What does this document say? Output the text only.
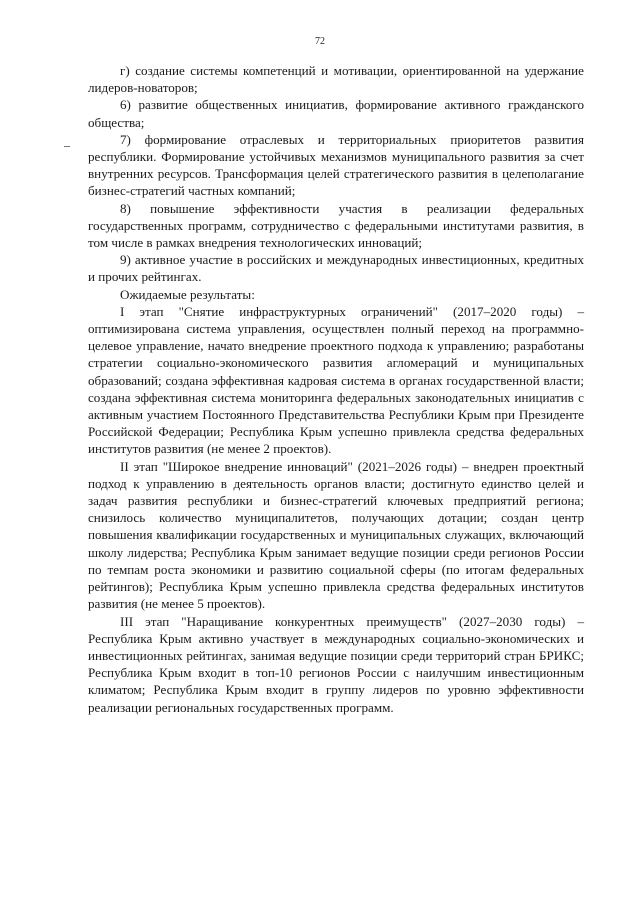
72

г) создание системы компетенций и мотивации, ориентированной на удержание лидеров-новаторов;

6) развитие общественных инициатив, формирование активного гражданского общества;

7) формирование отраслевых и территориальных приоритетов развития республики. Формирование устойчивых механизмов муниципального развития за счет внутренних ресурсов. Трансформация целей стратегического развития в целеполагание бизнес-стратегий частных компаний;

8) повышение эффективности участия в реализации федеральных государственных программ, сотрудничество с федеральными институтами развития, в том числе в рамках внедрения технологических инноваций;

9) активное участие в российских и международных инвестиционных, кредитных и прочих рейтингах.

Ожидаемые результаты:

I этап "Снятие инфраструктурных ограничений" (2017–2020 годы) – оптимизирована система управления, осуществлен полный переход на программно-целевое управление, начато внедрение проектного подхода к управлению; разработаны стратегии социально-экономического развития агломераций и муниципальных образований; создана эффективная кадровая система в органах государственной власти; создана эффективная система мониторинга федеральных законодательных инициатив с активным участием Постоянного Представительства Республики Крым при Президенте Российской Федерации; Республика Крым успешно привлекла средства федеральных институтов развития (не менее 2 проектов).

II этап "Широкое внедрение инноваций" (2021–2026 годы) – внедрен проектный подход к управлению в деятельность органов власти; достигнуто единство целей и задач развития республики и бизнес-стратегий ключевых предприятий региона; снизилось количество муниципалитетов, получающих дотации; создан центр повышения квалификации государственных и муниципальных служащих, включающий школу лидерства; Республика Крым занимает ведущие позиции среди регионов России по темпам роста экономики и развитию социальной сферы (по итогам федеральных рейтингов); Республика Крым успешно привлекла средства федеральных институтов развития (не менее 5 проектов).

III этап "Наращивание конкурентных преимуществ" (2027–2030 годы) – Республика Крым активно участвует в международных социально-экономических и инвестиционных рейтингах, занимая ведущие позиции среди территорий стран БРИКС; Республика Крым входит в топ-10 регионов России с наилучшим инвестиционным климатом; Республика Крым входит в группу лидеров по уровню эффективности реализации региональных государственных программ.
